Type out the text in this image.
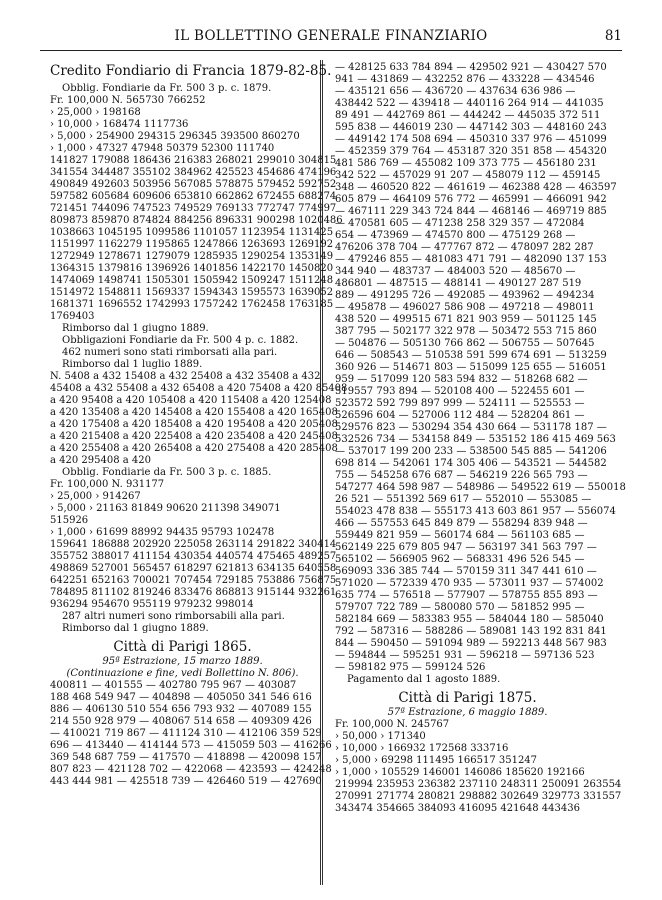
IL BOLLETTINO GENERALE FINANZIARIO	81
Credito Fondiario di Francia 1879-82-85.
Obblig. Fondiarie da Fr. 500 3 p. c. 1879.
Fr. 100,000 N. 565730 766252
› 25,000 › 198168
› 10,000 › 168474 1117736
› 5,000 › 254900 294315 296345 393500 860270
› 1,000 › 47327 47948 50379 52300 111740
141827 179088 186436 216383 268021 299010 304815
341554 344487 355102 384962 425523 454686 474196
490849 492603 503956 567085 578875 579452 592752
597582 605684 609606 653810 662862 672455 688274
721451 744096 747523 749529 769133 772747 774997
809873 859870 874824 884256 896331 900298 1020486
1038663 1045195 1099586 1101057 1123954 1131425
1151997 1162279 1195865 1247866 1263693 1269192
1272949 1278671 1279079 1285935 1290254 1353149
1364315 1379816 1396926 1401856 1422170 1450820
1474069 1498741 1505301 1505942 1509247 1511248
1514972 1548811 1569337 1594343 1595573 1639052
1681371 1696552 1742993 1757242 1762458 1763185
1769403
Rimborso dal 1 giugno 1889.
Obbligazioni Fondiarie da Fr. 500 4 p. c. 1882.
462 numeri sono stati rimborsati alla pari.
Rimborso dal 1 luglio 1889.
N. 5408 a 432 15408 a 432 25408 a 432 35408 a 432
45408 a 432 55408 a 432 65408 a 420 75408 a 420 85408
a 420 95408 a 420 105408 a 420 115408 a 420 125408
a 420 135408 a 420 145408 a 420 155408 a 420 165408
a 420 175408 a 420 185408 a 420 195408 a 420 205408
a 420 215408 a 420 225408 a 420 235408 a 420 245408
a 420 255408 a 420 265408 a 420 275408 a 420 285408
a 420 295408 a 420
Obblig. Fondiarie da Fr. 500 3 p. c. 1885.
Fr. 100,000 N. 931177
› 25,000 › 914267
› 5,000 › 21163 81849 90620 211398 349071
515926
› 1,000 › 61699 88992 94435 95793 102478
159641 186888 202920 225058 263114 291822 340414
355752 388017 411154 430354 440574 475465 489257
498869 527001 565457 618297 621813 634135 640558
642251 652163 700021 707454 729185 753886 756875
784895 811102 819246 833476 868813 915144 932261
936294 954670 955119 979232 998014
287 altri numeri sono rimborsabili alla pari.
Rimborso dal 1 giugno 1889.
Città di Parigi 1865.
95ª Estrazione, 15 marzo 1889.
(Continuazione e fine, vedi Bollettino N. 806).
400811 — 401555 — 402780 795 967 — 403087
188 468 549 947 — 404898 — 405050 341 546 616
886 — 406130 510 554 656 793 932 — 407089 155
214 550 928 979 — 408067 514 658 — 409309 426
— 410021 719 867 — 411124 310 — 412106 359 529
696 — 413440 — 414144 573 — 415059 503 — 416266
369 548 687 759 — 417570 — 418898 — 420098 157
807 823 — 421128 702 — 422068 — 423593 — 424248
443 444 981 — 425518 739 — 426460 519 — 427690
— 428125 633 784 894 — 429502 921 — 430427 570
941 — 431869 — 432252 876 — 433228 — 434546
— 435121 656 — 436720 — 437634 636 986 —
438442 522 — 439418 — 440116 264 914 — 441035
89 491 — 442769 861 — 444242 — 445035 372 511
595 838 — 446019 230 — 447142 303 — 448160 243
— 449142 174 508 694 — 450310 337 976 — 451099
— 452359 379 764 — 453187 320 351 858 — 454320
481 586 769 — 455082 109 373 775 — 456180 231
342 522 — 457029 91 207 — 458079 112 — 459145
348 — 460520 822 — 461619 — 462388 428 — 463597
605 879 — 464109 576 772 — 465991 — 466091 942
— 467111 229 343 724 844 — 468146 — 469719 885
— 470581 605 — 471238 258 329 357 — 472084
654 — 473969 — 474570 800 — 475129 268 —
476206 378 704 — 477767 872 — 478097 282 287
— 479246 855 — 481083 471 791 — 482090 137 153
344 940 — 483737 — 484003 520 — 485670 —
486801 — 487515 — 488141 — 490127 287 519
889 — 491295 726 — 492085 — 493962 — 494234
— 495878 — 496027 586 908 — 497218 — 498011
438 520 — 499515 671 821 903 959 — 501125 145
387 795 — 502177 322 978 — 503472 553 715 860
— 504876 — 505130 766 862 — 506755 — 507645
646 — 508543 — 510538 591 599 674 691 — 513259
360 926 — 514671 803 — 515099 125 655 — 516051
959 — 517099 120 583 594 832 — 518268 682 —
519557 793 894 — 520108 400 — 522455 601 —
523572 592 799 897 999 — 524111 — 525553 —
526596 604 — 527006 112 484 — 528204 861 —
529576 823 — 530294 354 430 664 — 531178 187 —
532526 734 — 534158 849 — 535152 186 415 469 563
— 537017 199 200 233 — 538500 545 885 — 541206
698 814 — 542061 174 305 406 — 543521 — 544582
755 — 545258 676 687 — 546219 226 565 793 —
547277 464 598 987 — 548986 — 549522 619 — 550018
26 521 — 551392 569 617 — 552010 — 553085 —
554023 478 838 — 555173 413 603 861 957 — 556074
466 — 557553 645 849 879 — 558294 839 948 —
559449 821 959 — 560174 684 — 561103 685 —
562149 225 679 805 947 — 563197 341 563 797 —
565102 — 566905 962 — 568331 496 526 545 —
569093 336 385 744 — 570159 311 347 441 610 —
571020 — 572339 470 935 — 573011 937 — 574002
635 774 — 576518 — 577907 — 578755 855 893 —
579707 722 789 — 580080 570 — 581852 995 —
582184 669 — 583383 955 — 584044 180 — 585040
792 — 587316 — 588286 — 589081 143 192 831 841
844 — 590450 — 591094 989 — 592213 448 567 983
— 594844 — 595251 931 — 596218 — 597136 523
— 598182 975 — 599124 526
Pagamento dal 1 agosto 1889.
Città di Parigi 1875.
57ª Estrazione, 6 maggio 1889.
Fr. 100,000 N. 245767
› 50,000 › 171340
› 10,000 › 166932 172568 333716
› 5,000 › 69298 111495 166517 351247
› 1,000 › 105529 146001 146086 185620 192166
219994 235953 236382 237110 248311 250091 263554
270991 271774 280821 298882 302649 329773 331557
343474 354665 384093 416095 421648 443436
